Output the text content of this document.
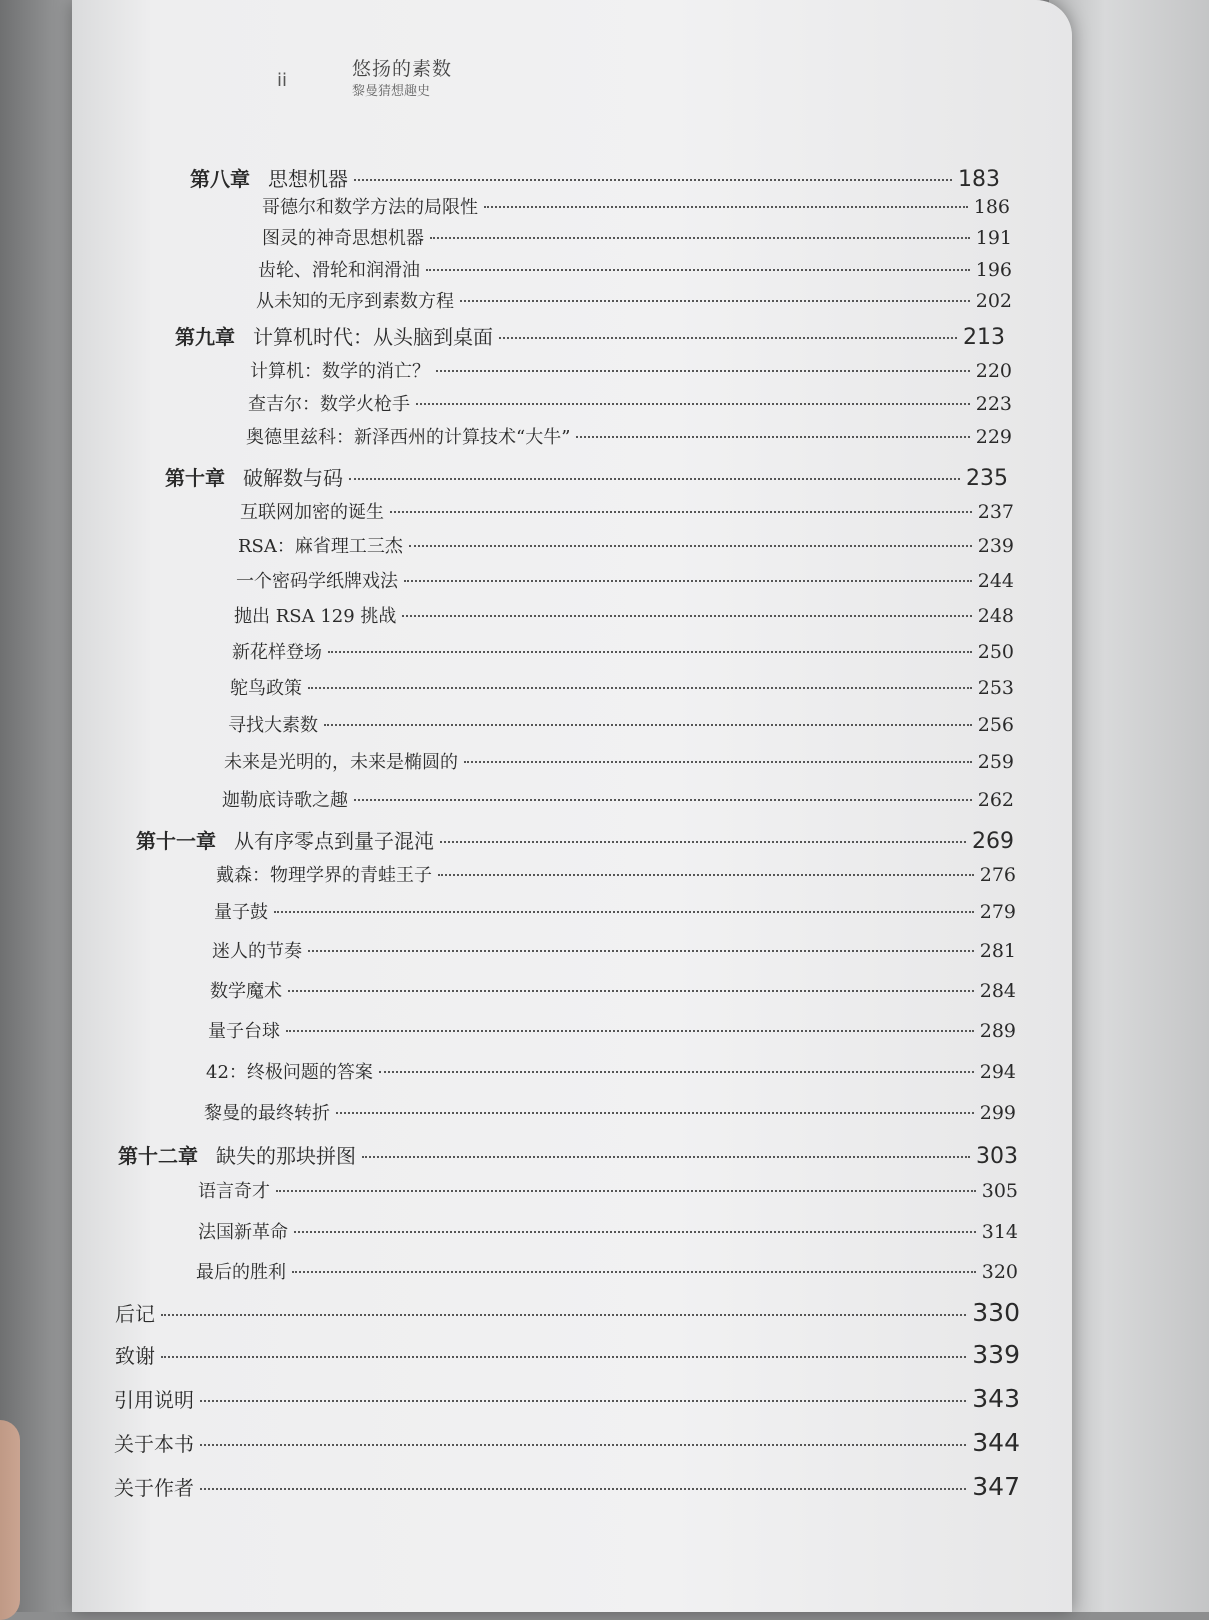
ii
悠扬的素数
黎曼猜想趣史
第八章 思想机器	183
哥德尔和数学方法的局限性	186
图灵的神奇思想机器	191
齿轮、滑轮和润滑油	196
从未知的无序到素数方程	202
第九章 计算机时代：从头脑到桌面	213
计算机：数学的消亡？	220
查吉尔：数学火枪手	223
奥德里兹科：新泽西州的计算技术“大牛”	229
第十章 破解数与码	235
互联网加密的诞生	237
RSA：麻省理工三杰	239
一个密码学纸牌戏法	244
抛出 RSA 129 挑战	248
新花样登场	250
鸵鸟政策	253
寻找大素数	256
未来是光明的，未来是椭圆的	259
迦勒底诗歌之趣	262
第十一章 从有序零点到量子混沌	269
戴森：物理学界的青蛙王子	276
量子鼓	279
迷人的节奏	281
数学魔术	284
量子台球	289
42：终极问题的答案	294
黎曼的最终转折	299
第十二章 缺失的那块拼图	303
语言奇才	305
法国新革命	314
最后的胜利	320
后记	330
致谢	339
引用说明	343
关于本书	344
关于作者	347
